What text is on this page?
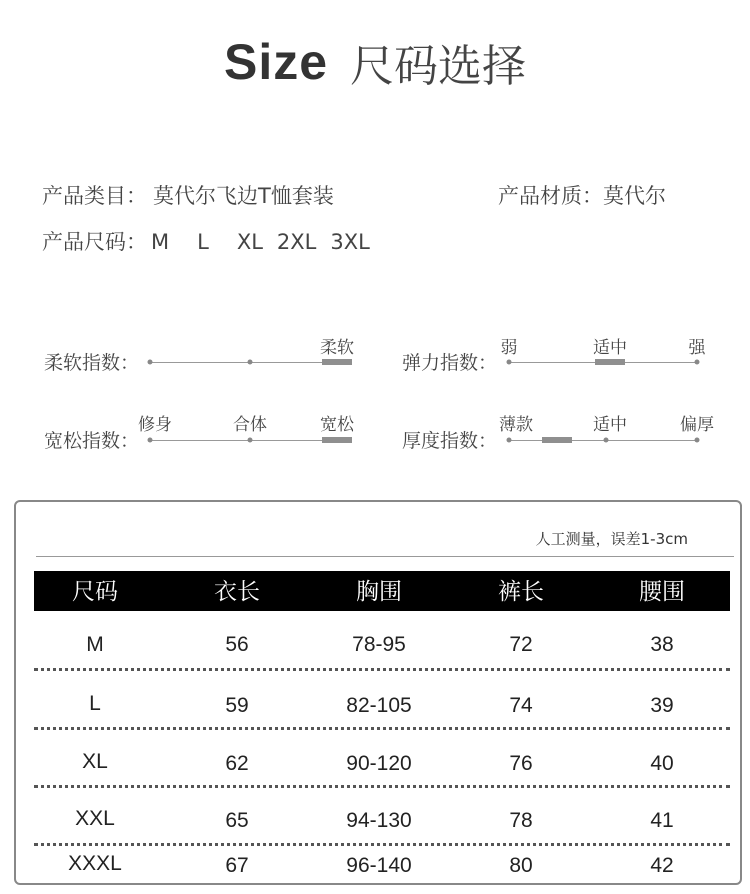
Size 尺码选择
产品类目： 莫代尔飞边T恤套装	产品材质：莫代尔
产品尺码： M L XL 2XL 3XL
柔软指数：
柔软
弹力指数：
弱	适中	强
宽松指数：
修身	合体	宽松
厚度指数：
薄款	适中	偏厚
人工测量，误差1-3cm
尺码	衣长	胸围	裤长	腰围
M	56	78-95	72	38
L	59	82-105	74	39
XL	62	90-120	76	40
XXL	65	94-130	78	41
XXXL	67	96-140	80	42
